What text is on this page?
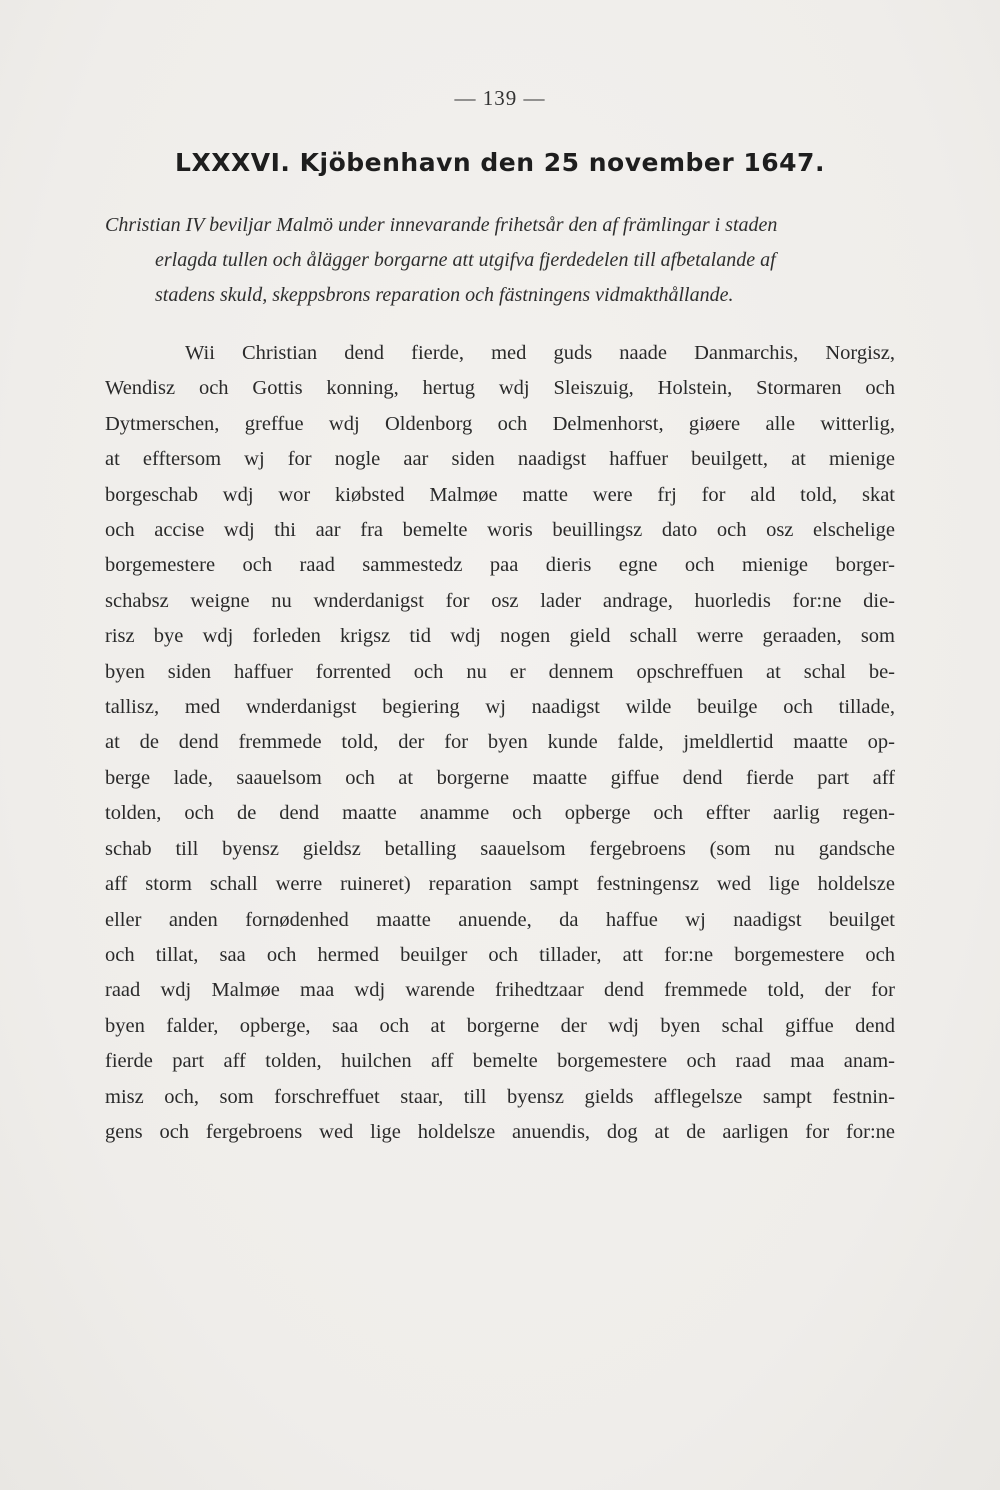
— 139 —
LXXXVI. Kjöbenhavn den 25 november 1647.
Christian IV beviljar Malmö under innevarande frihetsår den af främlingar i staden
erlagda tullen och ålägger borgarne att utgifva fjerdedelen till afbetalande af
stadens skuld, skeppsbrons reparation och fästningens vidmakthållande.
Wii Christian dend fierde, med guds naade Danmarchis, Norgisz,
Wendisz och Gottis konning, hertug wdj Sleiszuig, Holstein, Stormaren och
Dytmerschen, greffue wdj Oldenborg och Delmenhorst, giøere alle witterlig,
at efftersom wj for nogle aar siden naadigst haffuer beuilgett, at mienige
borgeschab wdj wor kiøbsted Malmøe matte were frj for ald told, skat
och accise wdj thi aar fra bemelte woris beuillingsz dato och osz elschelige
borgemestere och raad sammestedz paa dieris egne och mienige borger-
schabsz weigne nu wnderdanigst for osz lader andrage, huorledis for:ne die-
risz bye wdj forleden krigsz tid wdj nogen gield schall werre geraaden, som
byen siden haffuer forrented och nu er dennem opschreffuen at schal be-
tallisz, med wnderdanigst begiering wj naadigst wilde beuilge och tillade,
at de dend fremmede told, der for byen kunde falde, jmeldlertid maatte op-
berge lade, saauelsom och at borgerne maatte giffue dend fierde part aff
tolden, och de dend maatte anamme och opberge och effter aarlig regen-
schab till byensz gieldsz betalling saauelsom fergebroens (som nu gandsche
aff storm schall werre ruineret) reparation sampt festningensz wed lige holdelsze
eller anden fornødenhed maatte anuende, da haffue wj naadigst beuilget
och tillat, saa och hermed beuilger och tillader, att for:ne borgemestere och
raad wdj Malmøe maa wdj warende frihedtzaar dend fremmede told, der for
byen falder, opberge, saa och at borgerne der wdj byen schal giffue dend
fierde part aff tolden, huilchen aff bemelte borgemestere och raad maa anam-
misz och, som forschreffuet staar, till byensz gields afflegelsze sampt festnin-
gens och fergebroens wed lige holdelsze anuendis, dog at de aarligen for for:ne
